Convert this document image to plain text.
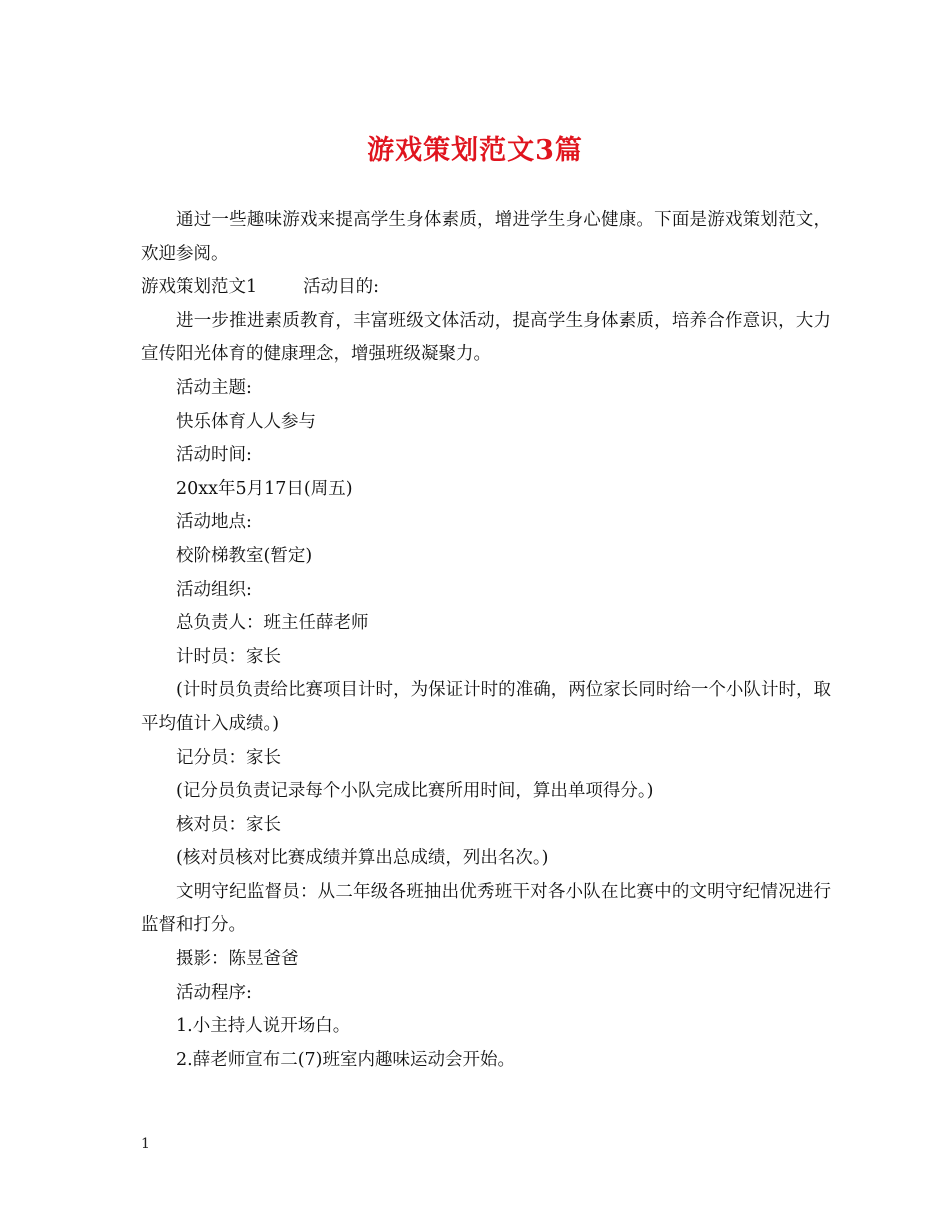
游戏策划范文3篇

通过一些趣味游戏来提高学生身体素质，增进学生身心健康。下面是游戏策划范文，欢迎参阅。

游戏策划范文1	活动目的:

进一步推进素质教育，丰富班级文体活动，提高学生身体素质，培养合作意识，大力宣传阳光体育的健康理念，增强班级凝聚力。

活动主题:

快乐体育人人参与

活动时间:

20xx年5月17日(周五)

活动地点:

校阶梯教室(暂定)

活动组织:

总负责人：班主任薛老师

计时员：家长

(计时员负责给比赛项目计时，为保证计时的准确，两位家长同时给一个小队计时，取平均值计入成绩。)

记分员：家长

(记分员负责记录每个小队完成比赛所用时间，算出单项得分。)

核对员：家长

(核对员核对比赛成绩并算出总成绩，列出名次。)

文明守纪监督员：从二年级各班抽出优秀班干对各小队在比赛中的文明守纪情况进行监督和打分。

摄影：陈昱爸爸

活动程序:

1.小主持人说开场白。

2.薛老师宣布二(7)班室内趣味运动会开始。

1
